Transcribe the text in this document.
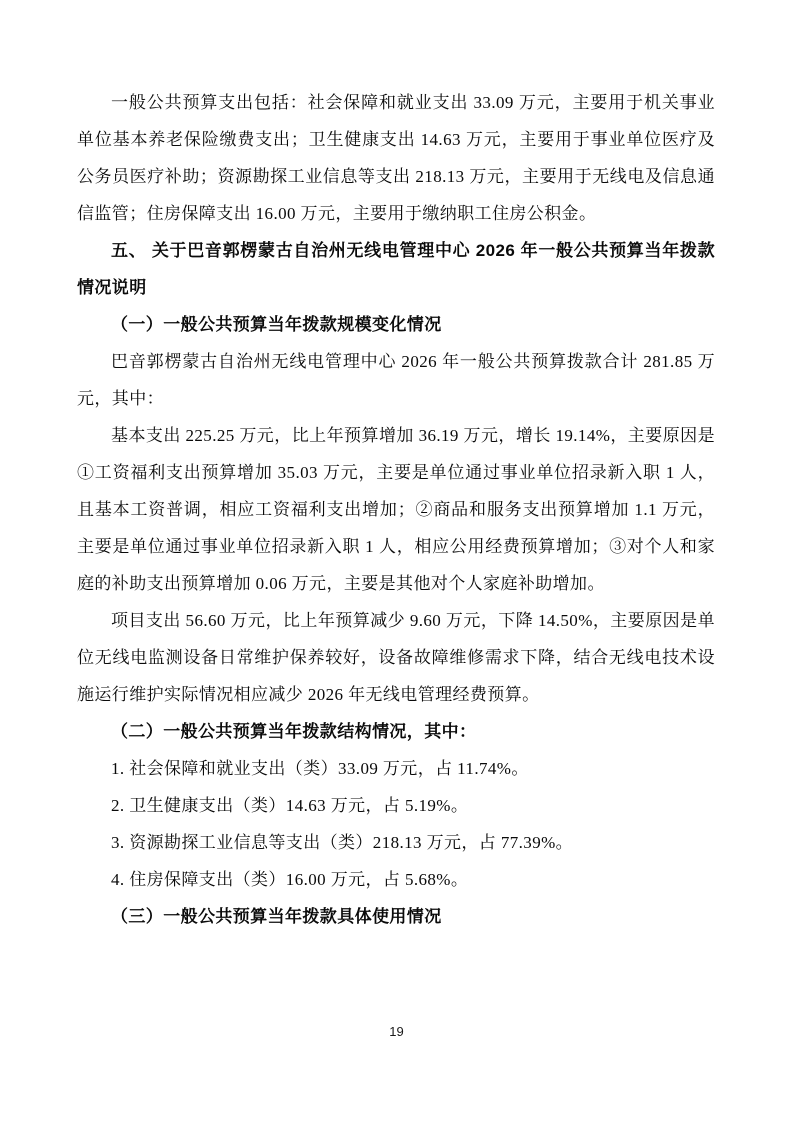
一般公共预算支出包括：社会保障和就业支出 33.09 万元，主要用于机关事业单位基本养老保险缴费支出；卫生健康支出 14.63 万元，主要用于事业单位医疗及公务员医疗补助；资源勘探工业信息等支出 218.13 万元，主要用于无线电及信息通信监管；住房保障支出 16.00 万元，主要用于缴纳职工住房公积金。

五、 关于巴音郭楞蒙古自治州无线电管理中心 2026 年一般公共预算当年拨款情况说明

（一）一般公共预算当年拨款规模变化情况

巴音郭楞蒙古自治州无线电管理中心 2026 年一般公共预算拨款合计 281.85 万元，其中：

基本支出 225.25 万元，比上年预算增加 36.19 万元，增长 19.14%，主要原因是①工资福利支出预算增加 35.03 万元，主要是单位通过事业单位招录新入职 1 人，且基本工资普调，相应工资福利支出增加；②商品和服务支出预算增加 1.1 万元，主要是单位通过事业单位招录新入职 1 人，相应公用经费预算增加；③对个人和家庭的补助支出预算增加 0.06 万元，主要是其他对个人家庭补助增加。

项目支出 56.60 万元，比上年预算减少 9.60 万元，下降 14.50%，主要原因是单位无线电监测设备日常维护保养较好，设备故障维修需求下降，结合无线电技术设施运行维护实际情况相应减少 2026 年无线电管理经费预算。

（二）一般公共预算当年拨款结构情况，其中：

1. 社会保障和就业支出（类）33.09 万元，占 11.74%。

2. 卫生健康支出（类）14.63 万元，占 5.19%。

3. 资源勘探工业信息等支出（类）218.13 万元，占 77.39%。

4. 住房保障支出（类）16.00 万元，占 5.68%。

（三）一般公共预算当年拨款具体使用情况

19
